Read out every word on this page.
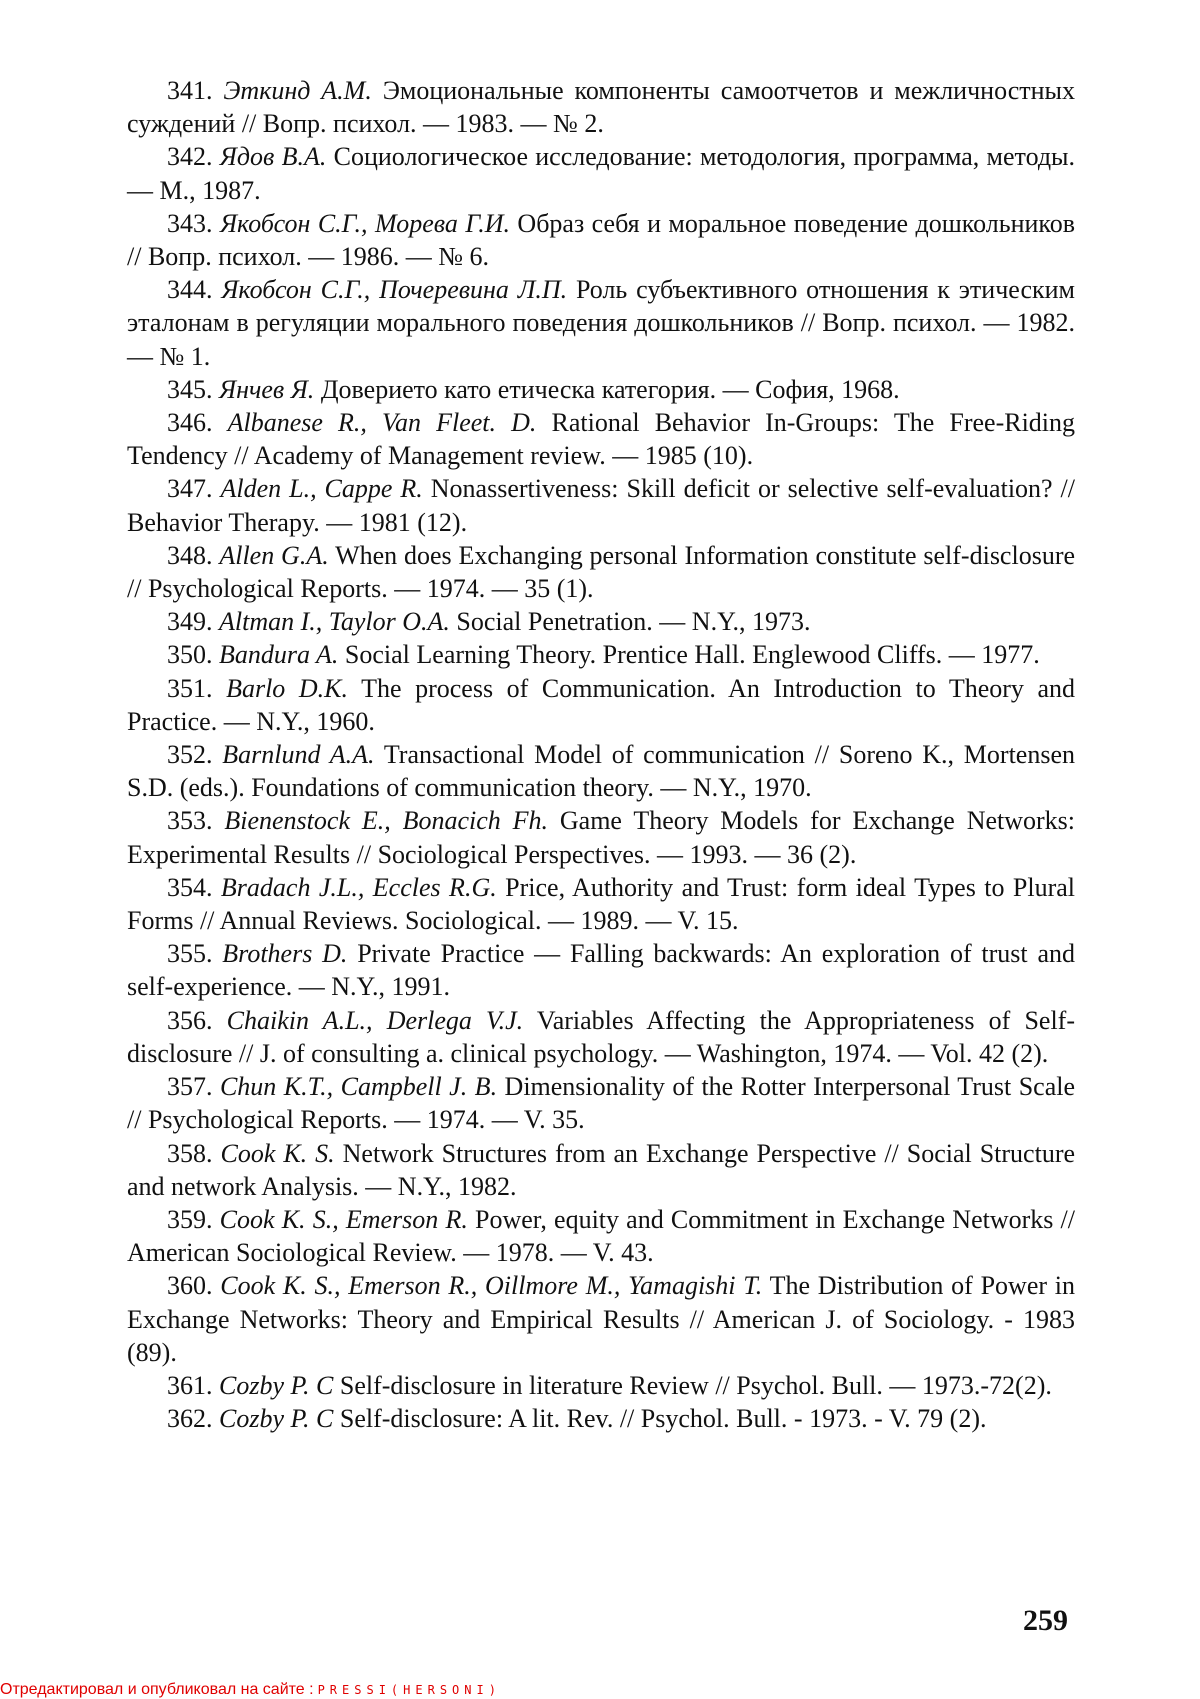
341. Эткинд А.М. Эмоциональные компоненты самоотчетов и межличностных суждений // Вопр. психол. — 1983. — № 2.

342. Ядов В.А. Социологическое исследование: методология, программа, методы. — М., 1987.

343. Якобсон С.Г., Морева Г.И. Образ себя и моральное поведение дошкольников // Вопр. психол. — 1986. — № 6.

344. Якобсон С.Г., Почеревина Л.П. Роль субъективного отношения к этическим эталонам в регуляции морального поведения дошкольников // Вопр. психол. — 1982. — № 1.

345. Янчев Я. Доверието като етическа категория. — София, 1968.

346. Albanese R., Van Fleet. D. Rational Behavior In-Groups: The Free-Riding Tendency // Academy of Management review. — 1985 (10).

347. Alden L., Cappe R. Nonassertiveness: Skill deficit or selective self-evaluation? // Behavior Therapy. — 1981 (12).

348. Allen G.A. When does Exchanging personal Information constitute self-disclosure // Psychological Reports. — 1974. — 35 (1).

349. Altman I., Taylor O.A. Social Penetration. — N.Y., 1973.

350. Bandura A. Social Learning Theory. Prentice Hall. Englewood Cliffs. — 1977.

351. Barlo D.K. The process of Communication. An Introduction to Theory and Practice. — N.Y., 1960.

352. Barnlund A.A. Transactional Model of communication // Soreno K., Mortensen S.D. (eds.). Foundations of communication theory. — N.Y., 1970.

353. Bienenstock E., Bonacich Fh. Game Theory Models for Exchange Networks: Experimental Results // Sociological Perspectives. — 1993. — 36 (2).

354. Bradach J.L., Eccles R.G. Price, Authority and Trust: form ideal Types to Plural Forms // Annual Reviews. Sociological. — 1989. — V. 15.

355. Brothers D. Private Practice — Falling backwards: An exploration of trust and self-experience. — N.Y., 1991.

356. Chaikin A.L., Derlega V.J. Variables Affecting the Appropriateness of Self-disclosure // J. of consulting a. clinical psychology. — Washington, 1974. — Vol. 42 (2).

357. Chun K.T., Campbell J. B. Dimensionality of the Rotter Interpersonal Trust Scale // Psychological Reports. — 1974. — V. 35.

358. Cook K. S. Network Structures from an Exchange Perspective // Social Structure and network Analysis. — N.Y., 1982.

359. Cook K. S., Emerson R. Power, equity and Commitment in Exchange Networks // American Sociological Review. — 1978. — V. 43.

360. Cook K. S., Emerson R., Oillmore M., Yamagishi T. The Distribution of Power in Exchange Networks: Theory and Empirical Results // American J. of Sociology. - 1983 (89).

361. Cozby P. C Self-disclosure in literature Review // Psychol. Bull. — 1973.-72(2).

362. Cozby P. C Self-disclosure: A lit. Rev. // Psychol. Bull. - 1973. - V. 79 (2).

259
Отредактировал и опубликовал на сайте : PRESSI(HERSONI)
